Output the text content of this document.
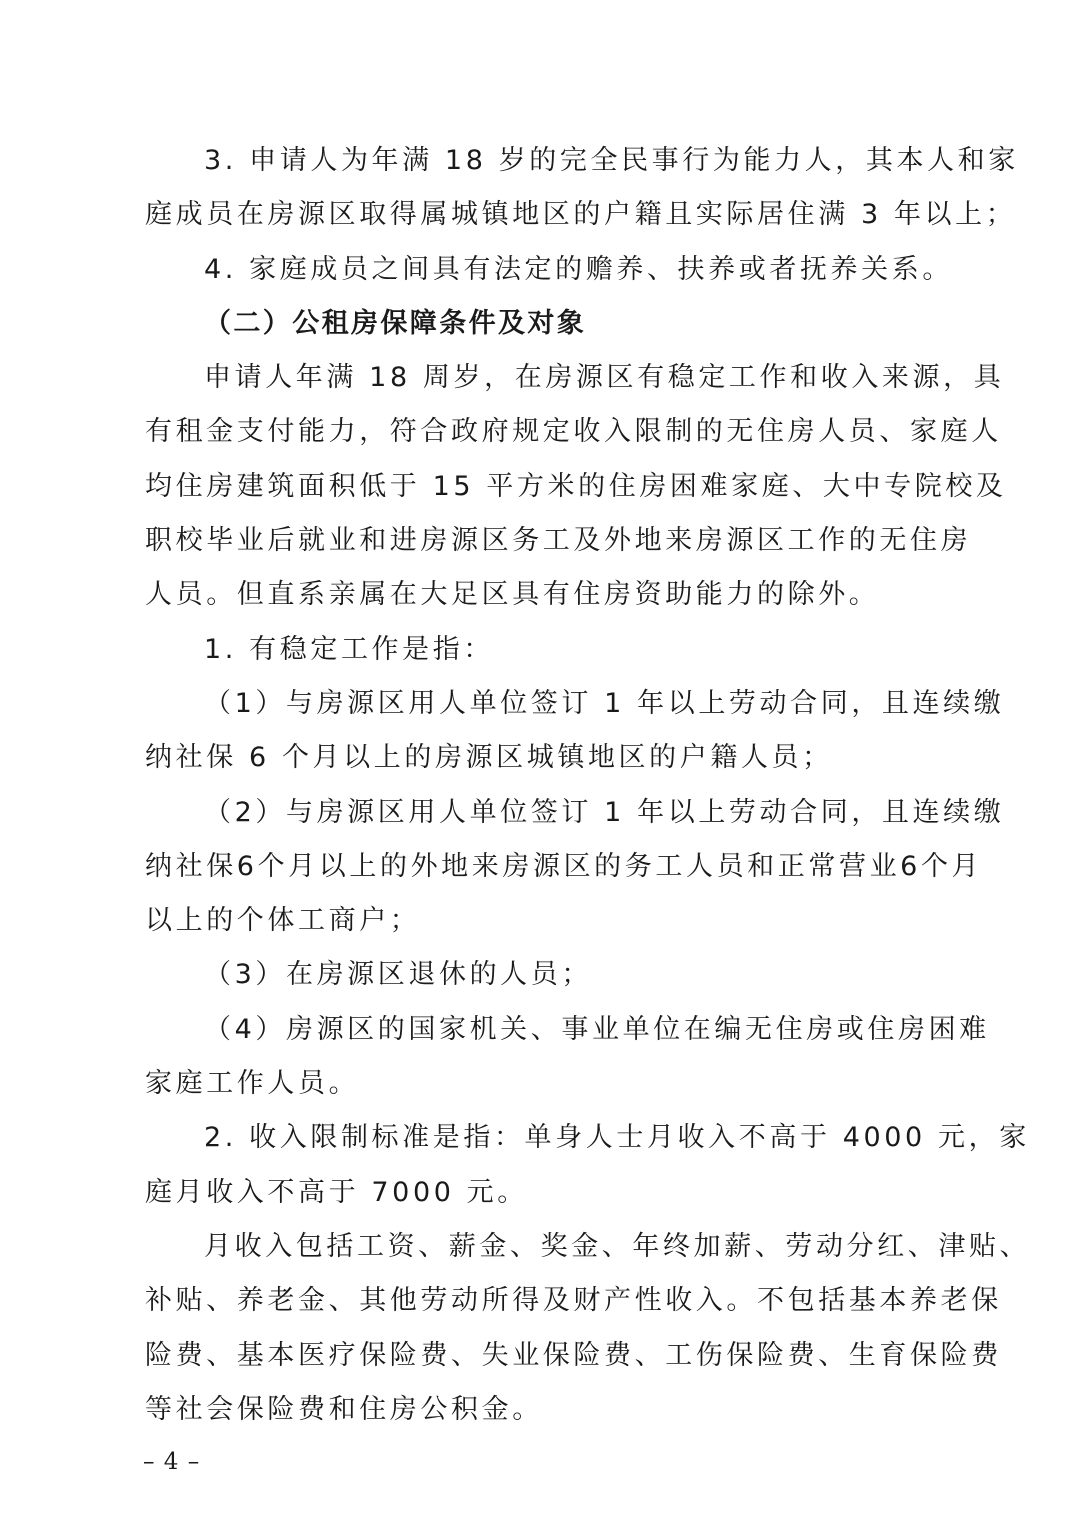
3. 申请人为年满 18 岁的完全民事行为能力人，其本人和家
庭成员在房源区取得属城镇地区的户籍且实际居住满 3 年以上；
4. 家庭成员之间具有法定的赡养、扶养或者抚养关系。
（二）公租房保障条件及对象
申请人年满 18 周岁，在房源区有稳定工作和收入来源，具
有租金支付能力，符合政府规定收入限制的无住房人员、家庭人
均住房建筑面积低于 15 平方米的住房困难家庭、大中专院校及
职校毕业后就业和进房源区务工及外地来房源区工作的无住房
人员。但直系亲属在大足区具有住房资助能力的除外。
1. 有稳定工作是指：
（1）与房源区用人单位签订 1 年以上劳动合同，且连续缴
纳社保 6 个月以上的房源区城镇地区的户籍人员；
（2）与房源区用人单位签订 1 年以上劳动合同，且连续缴
纳社保6个月以上的外地来房源区的务工人员和正常营业6个月
以上的个体工商户；
（3）在房源区退休的人员；
（4）房源区的国家机关、事业单位在编无住房或住房困难
家庭工作人员。
2. 收入限制标准是指：单身人士月收入不高于 4000 元，家
庭月收入不高于 7000 元。
月收入包括工资、薪金、奖金、年终加薪、劳动分红、津贴、
补贴、养老金、其他劳动所得及财产性收入。不包括基本养老保
险费、基本医疗保险费、失业保险费、工伤保险费、生育保险费
等社会保险费和住房公积金。
– 4 –
